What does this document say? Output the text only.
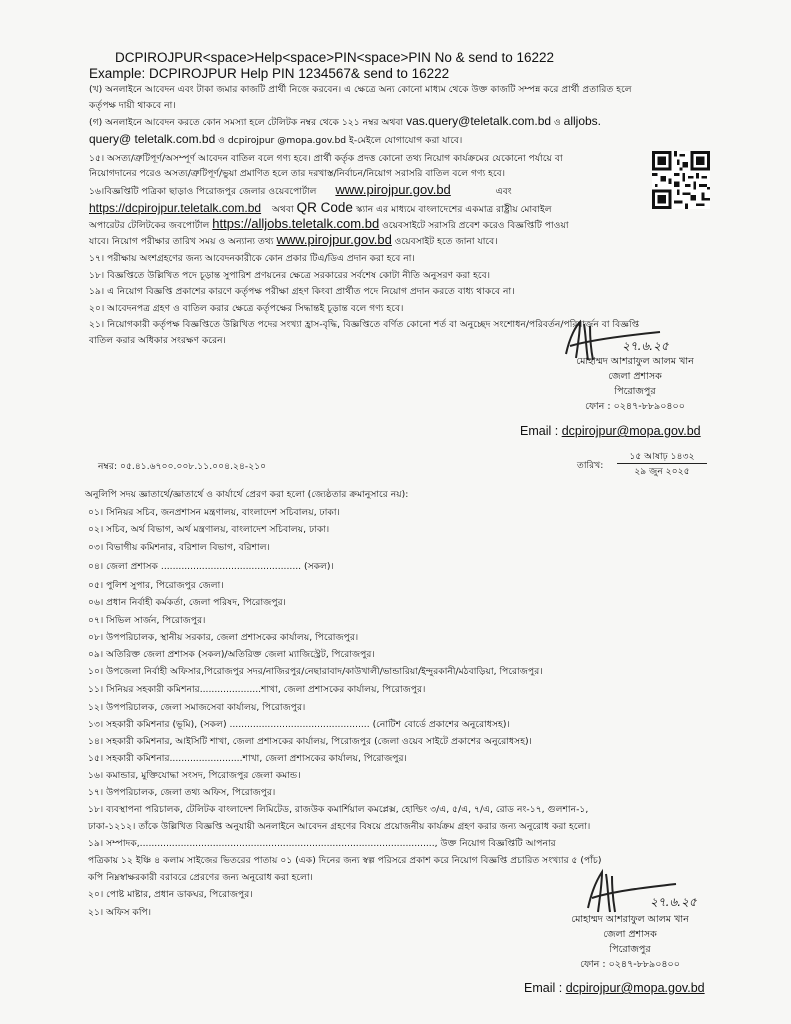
DCPIROJPUR<space>Help<space>PIN<space>PIN No & send to 16222
Example: DCPIROJPUR Help PIN 1234567& send to 16222
(খ) অনলাইনে আবেদন এবং টাকা জমার কাজটি প্রার্থী নিজে করবেন। এ ক্ষেত্রে অন্য কোনো মাধ্যম থেকে উক্ত কাজটি সম্পন্ন করে প্রার্থী প্রতারিত হলে
কর্তৃপক্ষ দায়ী থাকবে না।
(গ) অনলাইনে আবেদন করতে কোন সমস্যা হলে টেলিটক নম্বর থেকে ১২১ নম্বর অথবা vas.query@teletalk.com.bd ও alljobs.
query@ teletalk.com.bd ও dcpirojpur @mopa.gov.bd ই-মেইলে যোগাযোগ করা যাবে।
১৫। অসত্য/ত্রুটিপূর্ণ/অসম্পূর্ণ আবেদন বাতিল বলে গণ্য হবে। প্রার্থী কর্তৃক প্রদত্ত কোনো তথ্য নিয়োগ কার্যক্রমের যেকোনো পর্যায়ে বা
নিয়োগদানের পরেও অসত্য/ত্রুটিপূর্ণ/ভুয়া প্রমাণিত হলে তার দরখাস্ত/নির্বাচন/নিয়োগ সরাসরি বাতিল বলে গণ্য হবে।
১৬।বিজ্ঞপ্তিটি পত্রিকা ছাড়াও পিরোজপুর জেলার ওয়েবপোর্টাল www.pirojpur.gov.bd	এবং
https://dcpirojpur.teletalk.com.bd অথবা QR Code স্ক্যান এর মাধ্যমে বাংলাদেশের একমাত্র রাষ্ট্রীয় মোবাইল
অপারেটর টেলিটকের জবপোর্টাল https://alljobs.teletalk.com.bd ওয়েবসাইটে সরাসরি প্রবেশ করেও বিজ্ঞপ্তিটি পাওয়া
যাবে। নিয়োগ পরীক্ষার তারিখ সময় ও অন্যান্য তথ্য www.pirojpur.gov.bd ওয়েবসাইট হতে জানা যাবে।
১৭। পরীক্ষায় অংশগ্রহণের জন্য আবেদনকারীকে কোন প্রকার টিএ/ডিএ প্রদান করা হবে না।
১৮। বিজ্ঞপ্তিতে উল্লিখিত পদে চূড়ান্ত সুপারিশ প্রণয়নের ক্ষেত্রে সরকারের সর্বশেষ কোটা নীতি অনুসরণ করা হবে।
১৯। এ নিয়োগ বিজ্ঞপ্তি প্রকাশের কারণে কর্তৃপক্ষ পরীক্ষা গ্রহণ কিংবা প্রার্থীত পদে নিয়োগ প্রদান করতে বাধ্য থাকবে না।
২০। আবেদনপত্র গ্রহণ ও বাতিল করার ক্ষেত্রে কর্তৃপক্ষের সিদ্ধান্তই চূড়ান্ত বলে গণ্য হবে।
২১। নিয়োগকারী কর্তৃপক্ষ বিজ্ঞপ্তিতে উল্লিখিত পদের সংখ্যা হ্রাস-বৃদ্ধি, বিজ্ঞপ্তিতে বর্ণিত কোনো শর্ত বা অনুচ্ছেদ সংশোধন/পরিবর্তন/পরিমার্জন বা বিজ্ঞপ্তি
বাতিল করার অধিকার সংরক্ষণ করেন।	২৭.৬.২৫
মোহাম্মদ আশরাফুল আলম খান
জেলা প্রশাসক
পিরোজপুর
ফোন : ০২৪৭-৮৮৯০৪০০
Email : dcpirojpur@mopa.gov.bd
নম্বর: ০৫.৪১.৬৭০০.০০৮.১১.০০৪.২৪-২১০	তারিখ:
১৫ আষাঢ় ১৪৩২
২৯ জুন ২০২৫
অনুলিপি সদয় জ্ঞাতার্থে/জ্ঞাতার্থে ও কার্যার্থে প্রেরণ করা হলো (জ্যেষ্ঠতার ক্রমানুসারে নয়):
০১। সিনিয়র সচিব, জনপ্রশাসন মন্ত্রণালয়, বাংলাদেশ সচিবালয়, ঢাকা।
০২। সচিব, অর্থ বিভাগ, অর্থ মন্ত্রণালয়, বাংলাদেশ সচিবালয়, ঢাকা।
০৩। বিভাগীয় কমিশনার, বরিশাল বিভাগ, বরিশাল।
০৪। জেলা প্রশাসক ................................................ (সকল)।
০৫। পুলিশ সুপার, পিরোজপুর জেলা।
০৬। প্রধান নির্বাহী কর্মকর্তা, জেলা পরিষদ, পিরোজপুর।
০৭। সিভিল সার্জন, পিরোজপুর।
০৮। উপপরিচালক, স্থানীয় সরকার, জেলা প্রশাসকের কার্যালয়, পিরোজপুর।
০৯। অতিরিক্ত জেলা প্রশাসক (সকল)/অতিরিক্ত জেলা ম্যাজিস্ট্রেট, পিরোজপুর।
১০। উপজেলা নির্বাহী অফিসার,পিরোজপুর সদর/নাজিরপুর/নেছারাবাদ/কাউখালী/ভান্ডারিয়া/ইন্দুরকানী/মঠবাড়িয়া, পিরোজপুর।
১১। সিনিয়র সহকারী কমিশনার.....................শাখা, জেলা প্রশাসকের কার্যালয়, পিরোজপুর।
১২। উপপরিচালক, জেলা সমাজসেবা কার্যালয়, পিরোজপুর।
১৩। সহকারী কমিশনার (ভূমি), (সকল) ................................................ (নোটিশ বোর্ডে প্রকাশের অনুরোধসহ)।
১৪। সহকারী কমিশনার, আইসিটি শাখা, জেলা প্রশাসকের কার্যালয়, পিরোজপুর (জেলা ওয়েব সাইটে প্রকাশের অনুরোধসহ)।
১৫। সহকারী কমিশনার.........................শাখা, জেলা প্রশাসকের কার্যালয়, পিরোজপুর।
১৬। কমান্ডার, মুক্তিযোদ্ধা সংসদ, পিরোজপুর জেলা কমান্ড।
১৭। উপপরিচালক, জেলা তথ্য অফিস, পিরোজপুর।
১৮। ব্যবস্থাপনা পরিচালক, টেলিটক বাংলাদেশ লিমিটেড, রাজউক কমার্শিয়াল কমপ্লেক্স, হোল্ডিং ৩/এ, ৫/এ, ৭/এ, রোড নং-১৭, গুলশান-১,
ঢাকা-১২১২। তাঁকে উল্লিখিত বিজ্ঞপ্তি অনুযায়ী অনলাইনে আবেদন গ্রহণের বিষয়ে প্রয়োজনীয় কার্যক্রম গ্রহণ করার জন্য অনুরোধ করা হলো।
১৯। সম্পাদক,....................................................................................................., উক্ত নিয়োগ বিজ্ঞপ্তিটি আপনার
পত্রিকায় ১২ ইঞ্চি ৪ কলাম সাইজের ভিতরের পাতায় ০১ (এক) দিনের জন্য স্বল্প পরিসরে প্রকাশ করে নিয়োগ বিজ্ঞপ্তি প্রচারিত সংখ্যার ৫ (পাঁচ)
কপি নিম্নস্বাক্ষরকারী বরাবরে প্রেরণের জন্য অনুরোধ করা হলো।
২০। পোষ্ট মাষ্টার, প্রধান ডাকঘর, পিরোজপুর।
২১। অফিস কপি।
২৭.৬.২৫
মোহাম্মদ আশরাফুল আলম খান
জেলা প্রশাসক
পিরোজপুর
ফোন : ০২৪৭-৮৮৯০৪০০
Email : dcpirojpur@mopa.gov.bd
